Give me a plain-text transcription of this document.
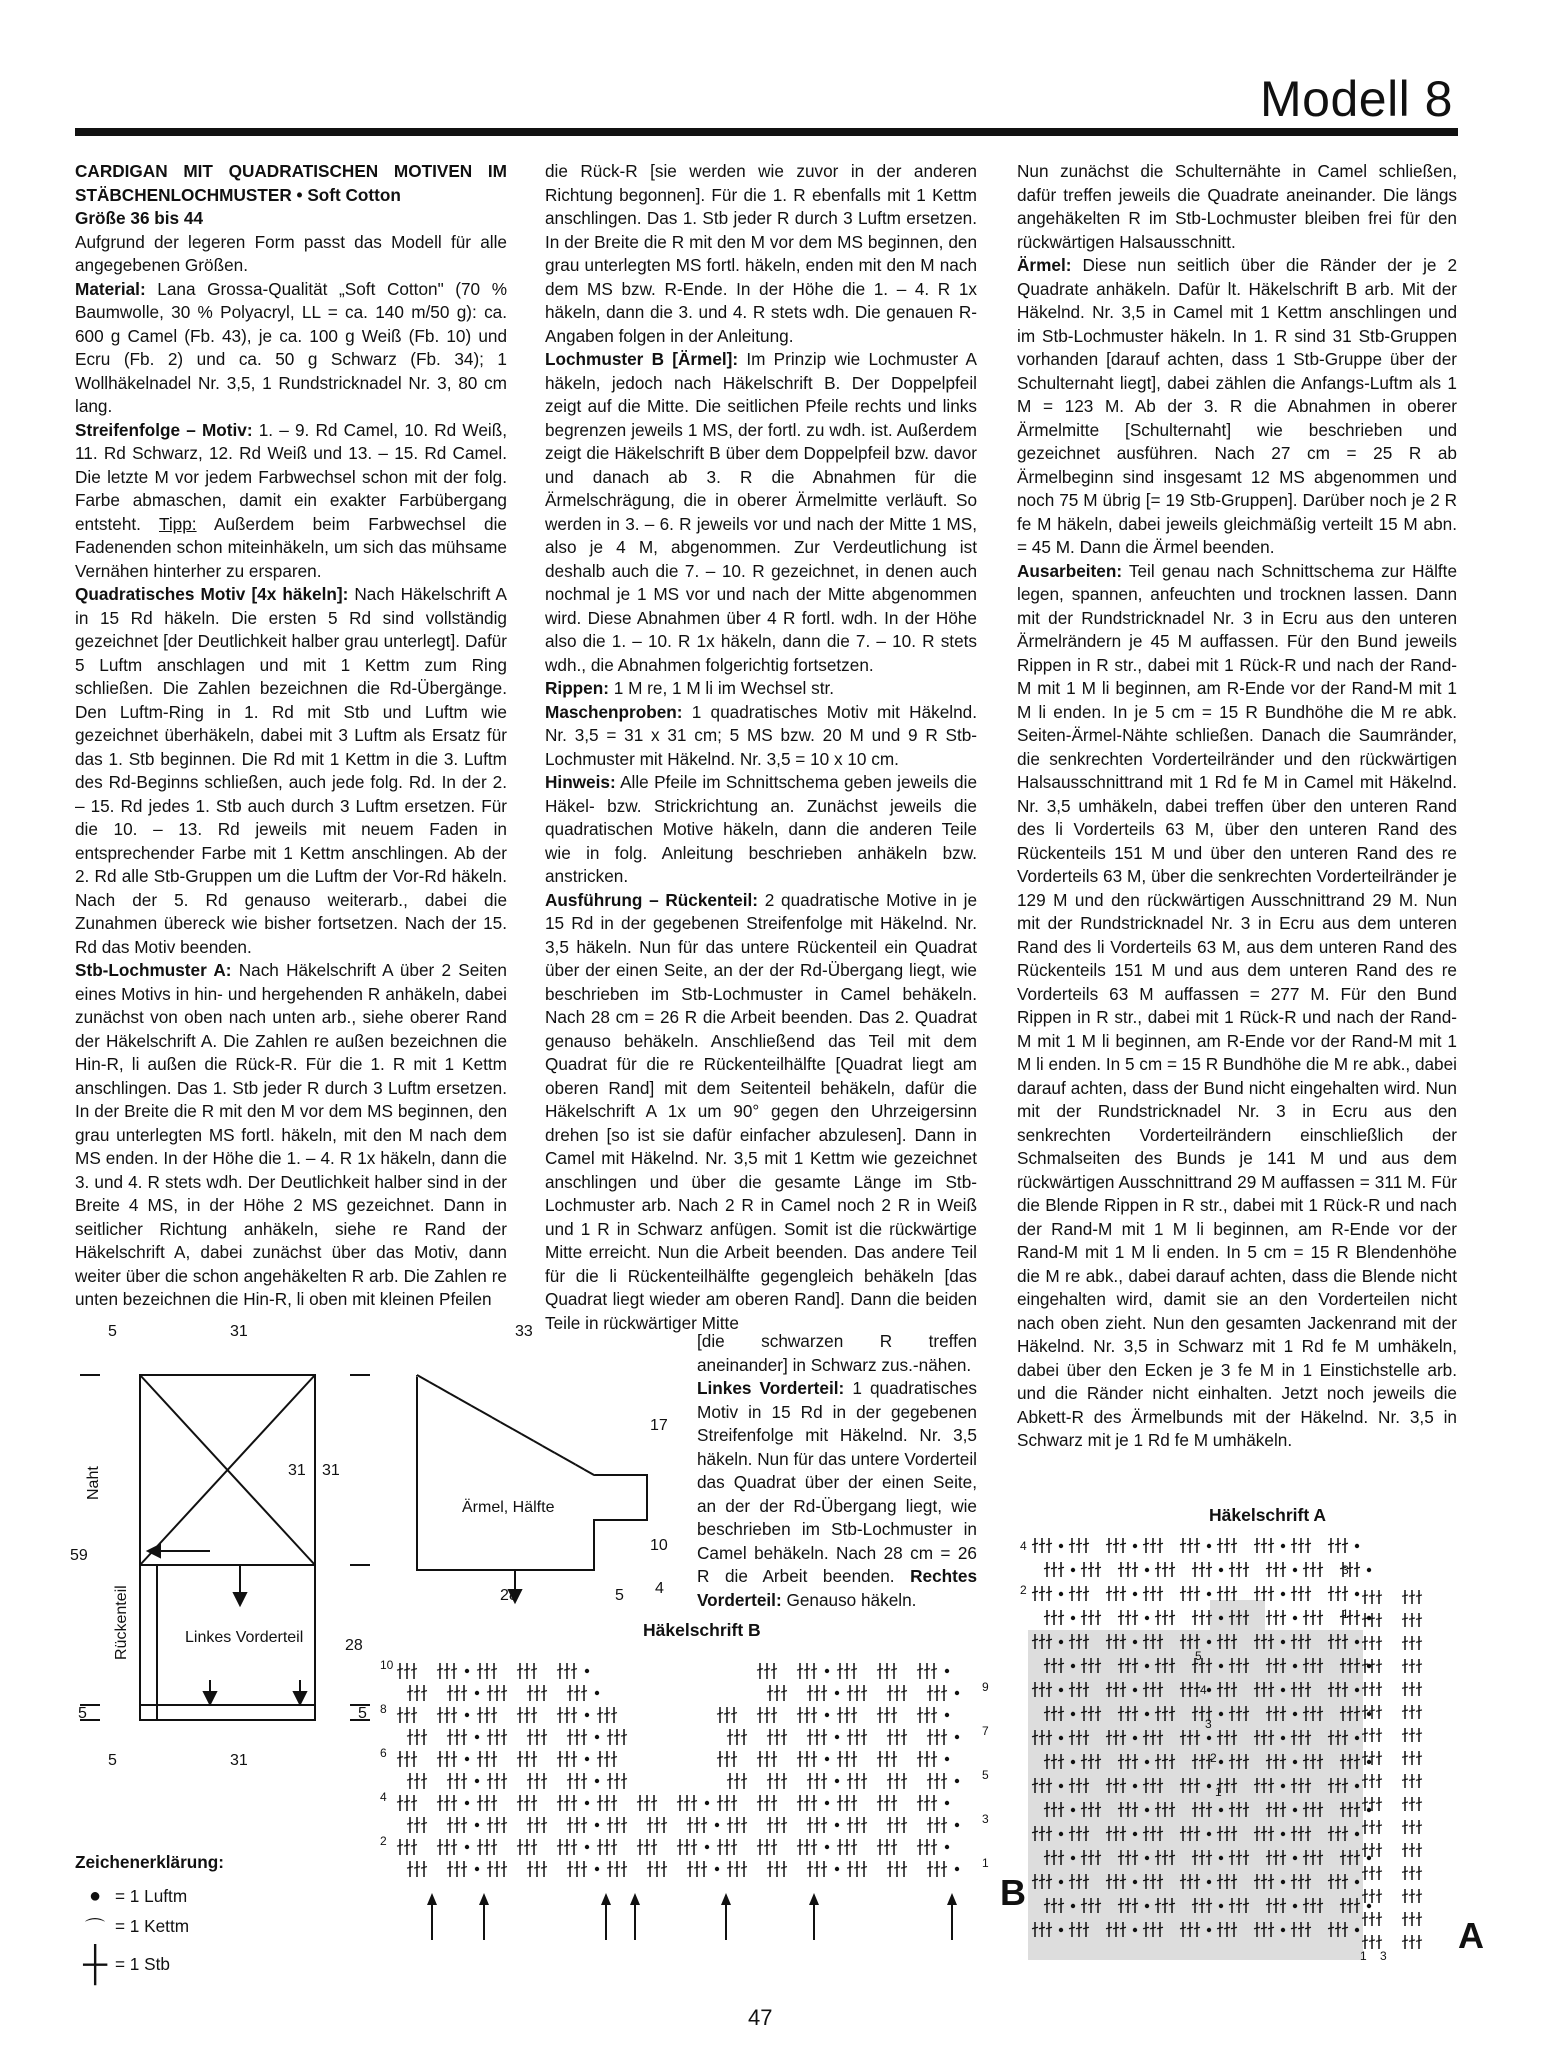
Modell 8

CARDIGAN MIT QUADRATISCHEN MOTIVEN IM STÄBCHENLOCHMUSTER • Soft Cotton

Größe 36 bis 44

Aufgrund der legeren Form passt das Modell für alle angegebenen Größen.

Material: Lana Grossa-Qualität „Soft Cotton" (70 % Baumwolle, 30 % Polyacryl, LL = ca. 140 m/50 g): ca. 600 g Camel (Fb. 43), je ca. 100 g Weiß (Fb. 10) und Ecru (Fb. 2) und ca. 50 g Schwarz (Fb. 34); 1 Wollhäkelnadel Nr. 3,5, 1 Rundstricknadel Nr. 3, 80 cm lang.

Streifenfolge – Motiv: 1. – 9. Rd Camel, 10. Rd Weiß, 11. Rd Schwarz, 12. Rd Weiß und 13. – 15. Rd Camel. Die letzte M vor jedem Farbwechsel schon mit der folg. Farbe abmaschen, damit ein exakter Farbübergang entsteht. Tipp: Außerdem beim Farbwechsel die Fadenenden schon miteinhäkeln, um sich das mühsame Vernähen hinterher zu ersparen.

Quadratisches Motiv [4x häkeln]: Nach Häkelschrift A in 15 Rd häkeln. Die ersten 5 Rd sind vollständig gezeichnet [der Deutlichkeit halber grau unterlegt]. Dafür 5 Luftm anschlagen und mit 1 Kettm zum Ring schließen. Die Zahlen bezeichnen die Rd-Übergänge. Den Luftm-Ring in 1. Rd mit Stb und Luftm wie gezeichnet überhäkeln, dabei mit 3 Luftm als Ersatz für das 1. Stb beginnen. Die Rd mit 1 Kettm in die 3. Luftm des Rd-Beginns schließen, auch jede folg. Rd. In der 2. – 15. Rd jedes 1. Stb auch durch 3 Luftm ersetzen. Für die 10. – 13. Rd jeweils mit neuem Faden in entsprechender Farbe mit 1 Kettm anschlingen. Ab der 2. Rd alle Stb-Gruppen um die Luftm der Vor-Rd häkeln. Nach der 5. Rd genauso weiterarb., dabei die Zunahmen übereck wie bisher fortsetzen. Nach der 15. Rd das Motiv beenden.

Stb-Lochmuster A: Nach Häkelschrift A über 2 Seiten eines Motivs in hin- und hergehenden R anhäkeln, dabei zunächst von oben nach unten arb., siehe oberer Rand der Häkelschrift A. Die Zahlen re außen bezeichnen die Hin-R, li außen die Rück-R. Für die 1. R mit 1 Kettm anschlingen. Das 1. Stb jeder R durch 3 Luftm ersetzen. In der Breite die R mit den M vor dem MS beginnen, den grau unterlegten MS fortl. häkeln, mit den M nach dem MS enden. In der Höhe die 1. – 4. R 1x häkeln, dann die 3. und 4. R stets wdh. Der Deutlichkeit halber sind in der Breite 4 MS, in der Höhe 2 MS gezeichnet. Dann in seitlicher Richtung anhäkeln, siehe re Rand der Häkelschrift A, dabei zunächst über das Motiv, dann weiter über die schon angehäkelten R arb. Die Zahlen re unten bezeichnen die Hin-R, li oben mit kleinen Pfeilen

die Rück-R [sie werden wie zuvor in der anderen Richtung begonnen]. Für die 1. R ebenfalls mit 1 Kettm anschlingen. Das 1. Stb jeder R durch 3 Luftm ersetzen. In der Breite die R mit den M vor dem MS beginnen, den grau unterlegten MS fortl. häkeln, enden mit den M nach dem MS bzw. R-Ende. In der Höhe die 1. – 4. R 1x häkeln, dann die 3. und 4. R stets wdh. Die genauen R-Angaben folgen in der Anleitung.

Lochmuster B [Ärmel]: Im Prinzip wie Lochmuster A häkeln, jedoch nach Häkelschrift B. Der Doppelpfeil zeigt auf die Mitte. Die seitlichen Pfeile rechts und links begrenzen jeweils 1 MS, der fortl. zu wdh. ist. Außerdem zeigt die Häkelschrift B über dem Doppelpfeil bzw. davor und danach ab 3. R die Abnahmen für die Ärmelschrägung, die in oberer Ärmelmitte verläuft. So werden in 3. – 6. R jeweils vor und nach der Mitte 1 MS, also je 4 M, abgenommen. Zur Verdeutlichung ist deshalb auch die 7. – 10. R gezeichnet, in denen auch nochmal je 1 MS vor und nach der Mitte abgenommen wird. Diese Abnahmen über 4 R fortl. wdh. In der Höhe also die 1. – 10. R 1x häkeln, dann die 7. – 10. R stets wdh., die Abnahmen folgerichtig fortsetzen.

Rippen: 1 M re, 1 M li im Wechsel str.

Maschenproben: 1 quadratisches Motiv mit Häkelnd. Nr. 3,5 = 31 x 31 cm; 5 MS bzw. 20 M und 9 R Stb-Lochmuster mit Häkelnd. Nr. 3,5 = 10 x 10 cm.

Hinweis: Alle Pfeile im Schnittschema geben jeweils die Häkel- bzw. Strickrichtung an. Zunächst jeweils die quadratischen Motive häkeln, dann die anderen Teile wie in folg. Anleitung beschrieben anhäkeln bzw. anstricken.

Ausführung – Rückenteil: 2 quadratische Motive in je 15 Rd in der gegebenen Streifenfolge mit Häkelnd. Nr. 3,5 häkeln. Nun für das untere Rückenteil ein Quadrat über der einen Seite, an der der Rd-Übergang liegt, wie beschrieben im Stb-Lochmuster in Camel behäkeln. Nach 28 cm = 26 R die Arbeit beenden. Das 2. Quadrat genauso behäkeln. Anschließend das Teil mit dem Quadrat für die re Rückenteilhälfte [Quadrat liegt am oberen Rand] mit dem Seitenteil behäkeln, dafür die Häkelschrift A 1x um 90° gegen den Uhrzeigersinn drehen [so ist sie dafür einfacher abzulesen]. Dann in Camel mit Häkelnd. Nr. 3,5 mit 1 Kettm wie gezeichnet anschlingen und über die gesamte Länge im Stb-Lochmuster arb. Nach 2 R in Camel noch 2 R in Weiß und 1 R in Schwarz anfügen. Somit ist die rückwärtige Mitte erreicht. Nun die Arbeit beenden. Das andere Teil für die li Rückenteilhälfte gegengleich behäkeln [das Quadrat liegt wieder am oberen Rand]. Dann die beiden Teile in rückwärtiger Mitte

[die schwarzen R treffen aneinander] in Schwarz zus.-nähen.

Linkes Vorderteil: 1 quadratisches Motiv in 15 Rd in der gegebenen Streifenfolge mit Häkelnd. Nr. 3,5 häkeln. Nun für das untere Vorderteil das Quadrat über der einen Seite, an der der Rd-Übergang liegt, wie beschrieben im Stb-Lochmuster in Camel behäkeln. Nach 28 cm = 26 R die Arbeit beenden. Rechtes Vorderteil: Genauso häkeln.

Nun zunächst die Schulternähte in Camel schließen, dafür treffen jeweils die Quadrate aneinander. Die längs angehäkelten R im Stb-Lochmuster bleiben frei für den rückwärtigen Halsausschnitt.

Ärmel: Diese nun seitlich über die Ränder der je 2 Quadrate anhäkeln. Dafür lt. Häkelschrift B arb. Mit der Häkelnd. Nr. 3,5 in Camel mit 1 Kettm anschlingen und im Stb-Lochmuster häkeln. In 1. R sind 31 Stb-Gruppen vorhanden [darauf achten, dass 1 Stb-Gruppe über der Schulternaht liegt], dabei zählen die Anfangs-Luftm als 1 M = 123 M. Ab der 3. R die Abnahmen in oberer Ärmelmitte [Schulternaht] wie beschrieben und gezeichnet ausführen. Nach 27 cm = 25 R ab Ärmelbeginn sind insgesamt 12 MS abgenommen und noch 75 M übrig [= 19 Stb-Gruppen]. Darüber noch je 2 R fe M häkeln, dabei jeweils gleichmäßig verteilt 15 M abn. = 45 M. Dann die Ärmel beenden.

Ausarbeiten: Teil genau nach Schnittschema zur Hälfte legen, spannen, anfeuchten und trocknen lassen. Dann mit der Rundstricknadel Nr. 3 in Ecru aus den unteren Ärmelrändern je 45 M auffassen. Für den Bund jeweils Rippen in R str., dabei mit 1 Rück-R und nach der Rand-M mit 1 M li beginnen, am R-Ende vor der Rand-M mit 1 M li enden. In je 5 cm = 15 R Bundhöhe die M re abk. Seiten-Ärmel-Nähte schließen. Danach die Saumränder, die senkrechten Vorderteilränder und den rückwärtigen Halsausschnittrand mit 1 Rd fe M in Camel mit Häkelnd. Nr. 3,5 umhäkeln, dabei treffen über den unteren Rand des li Vorderteils 63 M, über den unteren Rand des Rückenteils 151 M und über den unteren Rand des re Vorderteils 63 M, über die senkrechten Vorderteilränder je 129 M und den rückwärtigen Ausschnittrand 29 M. Nun mit der Rundstricknadel Nr. 3 in Ecru aus dem unteren Rand des li Vorderteils 63 M, aus dem unteren Rand des Rückenteils 151 M und aus dem unteren Rand des re Vorderteils 63 M auffassen = 277 M. Für den Bund Rippen in R str., dabei mit 1 Rück-R und nach der Rand-M mit 1 M li beginnen, am R-Ende vor der Rand-M mit 1 M li enden. In 5 cm = 15 R Bundhöhe die M re abk., dabei darauf achten, dass der Bund nicht eingehalten wird. Nun mit der Rundstricknadel Nr. 3 in Ecru aus den senkrechten Vorderteilrändern einschließlich der Schmalseiten des Bunds je 141 M und aus dem rückwärtigen Ausschnittrand 29 M auffassen = 311 M. Für die Blende Rippen in R str., dabei mit 1 Rück-R und nach der Rand-M mit 1 M li beginnen, am R-Ende vor der Rand-M mit 1 M li enden. In 5 cm = 15 R Blendenhöhe die M re abk., dabei darauf achten, dass die Blende nicht eingehalten wird, damit sie an den Vorderteilen nicht nach oben zieht. Nun den gesamten Jackenrand mit der Häkelnd. Nr. 3,5 in Schwarz mit 1 Rd fe M umhäkeln, dabei über den Ecken je 3 fe M in 1 Einstichstelle arb. und die Ränder nicht einhalten. Jetzt noch jeweils die Abkett-R des Ärmelbunds mit der Häkelnd. Nr. 3,5 in Schwarz mit je 1 Rd fe M umhäkeln.

5	31	33
31 31
17
10
4
28	5
59
28
5	5
5	31
Linkes Vorderteil
Ärmel, Hälfte
Naht
Rückenteil
Zeichenerklärung:
● = 1 Luftm
⌒ = 1 Kettm
┼ = 1 Stb
Häkelschrift B
10
8
6
4
2
9
7
5
3
1
B
Häkelschrift A
4
2
3
1
5
4
3
2
1
1 3 A
47
